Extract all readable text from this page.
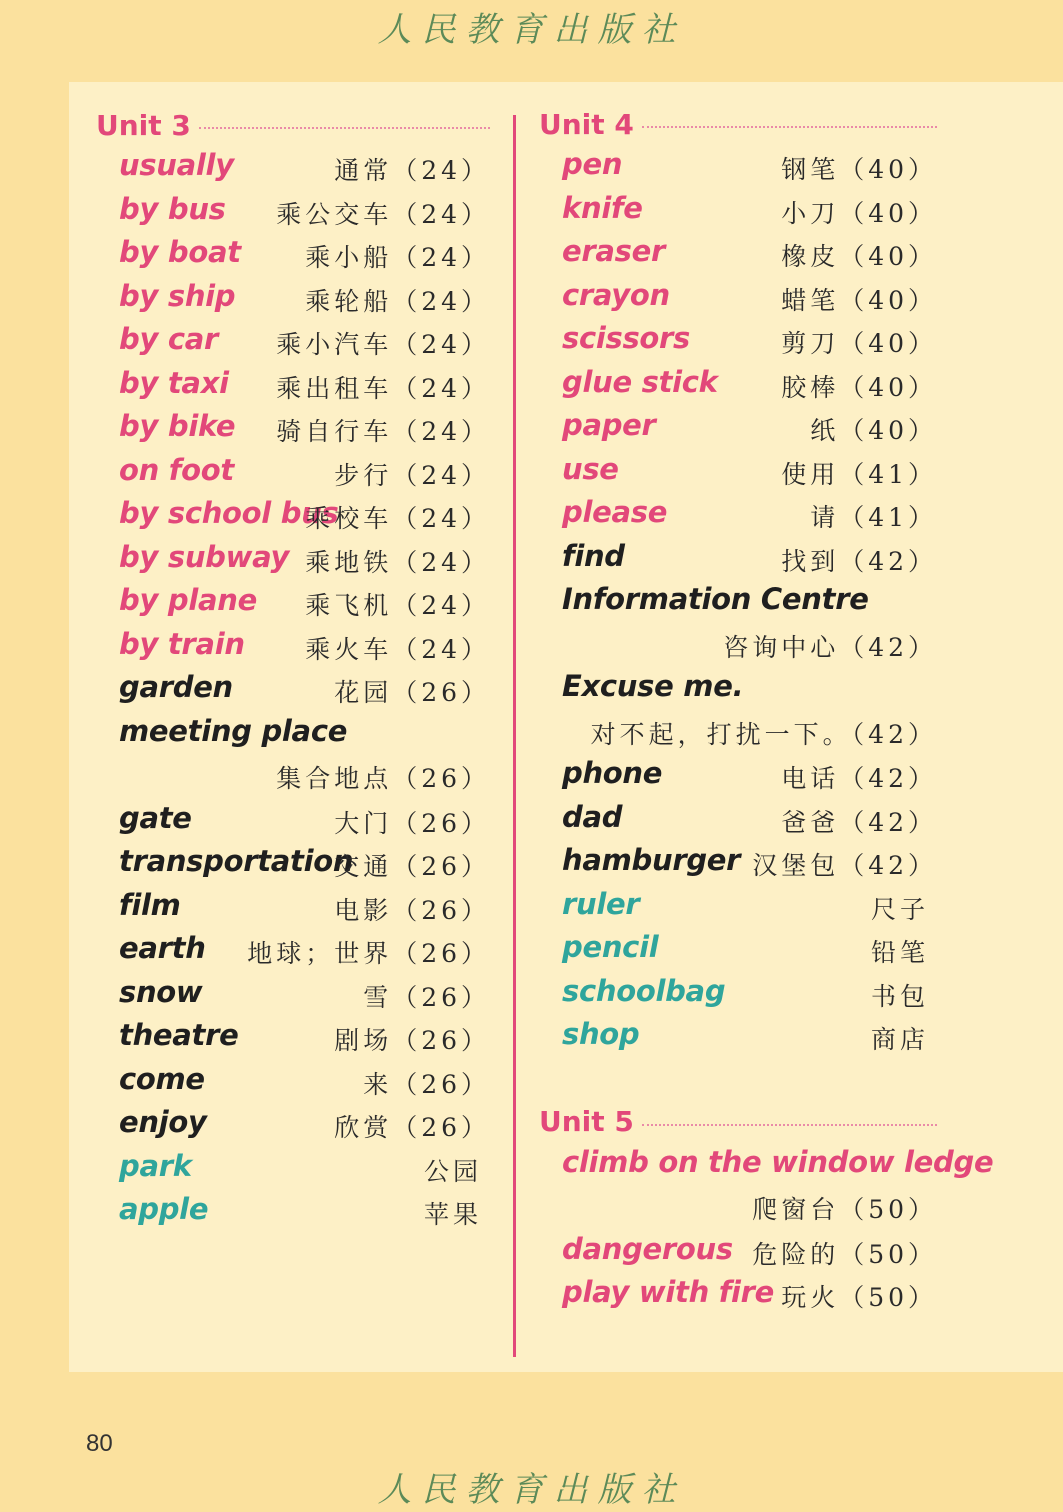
人民教育出版社
Unit 3
usually	通常（24）
by bus 乘公交车（24）
by boat	乘小船（24）
by ship	乘轮船（24）
by car 乘小汽车（24）
by taxi 乘出租车（24）
by bike 骑自行车（24）
on foot	步行（24）
by school bus
乘校车（24）
by subway 乘地铁（24）
by plane 乘飞机（24）
by train 乘火车（24）
garden	花园（26）
meeting place
集合地点（26）
gate	大门（26）
transportation
交通（26）
film	电影（26）
earth 地球；世界（26）
snow	雪（26）
theatre	剧场（26）
come	来（26）
enjoy	欣赏（26）
park	公园
apple	苹果
Unit 4
pen	钢笔（40）
knife	小刀（40）
eraser	橡皮（40）
crayon	蜡笔（40）
scissors	剪刀（40）
glue stick	胶棒（40）
paper	纸（40）
use	使用（41）
please	请（41）
find	找到（42）
Information Centre
咨询中心（42）
Excuse me.
对不起，打扰一下。（42）
phone	电话（42）
dad	爸爸（42）
hamburger 汉堡包（42）
ruler	尺子
pencil	铅笔
schoolbag	书包
shop	商店
Unit 5
climb on the window ledge
爬窗台（50）
dangerous 危险的（50）
play with fire 玩火（50）
80
人民教育出版社
